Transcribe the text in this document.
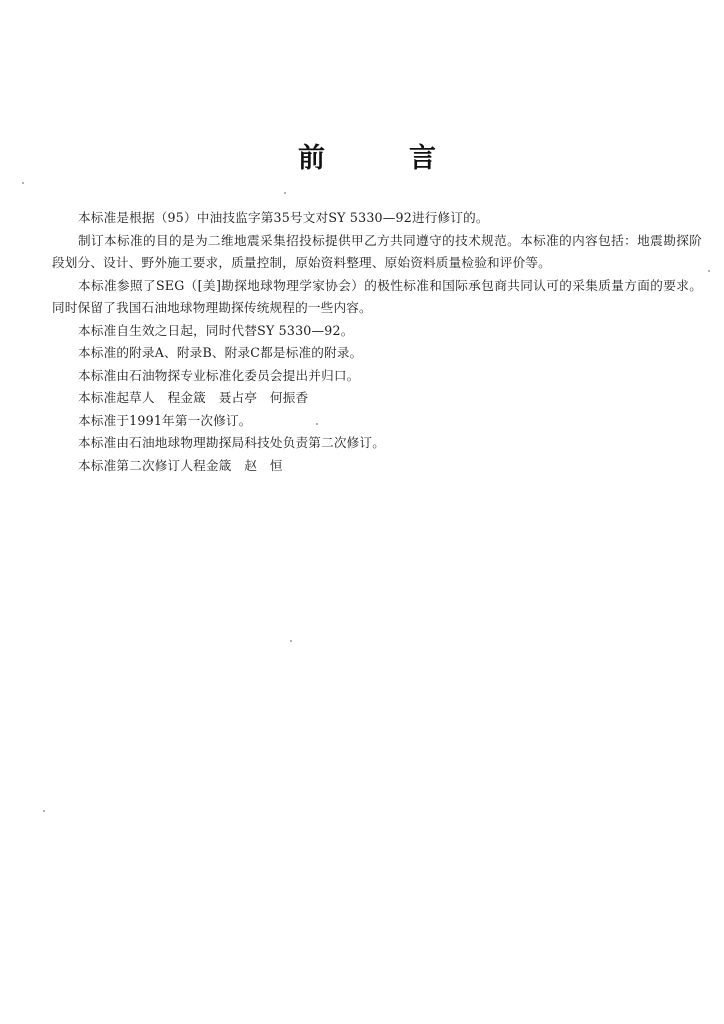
前	言

本标准是根据（95）中油技监字第35号文对SY 5330—92进行修订的。

制订本标准的目的是为二维地震采集招投标提供甲乙方共同遵守的技术规范。本标准的内容包括：地震勘探阶段划分、设计、野外施工要求，质量控制，原始资料整理、原始资料质量检验和评价等。

本标准参照了SEG（[美]勘探地球物理学家协会）的极性标准和国际承包商共同认可的采集质量方面的要求。同时保留了我国石油地球物理勘探传统规程的一些内容。

本标准自生效之日起，同时代替SY 5330—92。

本标准的附录A、附录B、附录C都是标准的附录。

本标准由石油物探专业标准化委员会提出并归口。

本标准起草人　程金箴　聂占亭　何振香

本标准于1991年第一次修订。

本标准由石油地球物理勘探局科技处负责第二次修订。

本标准第二次修订人程金箴　赵　恒
